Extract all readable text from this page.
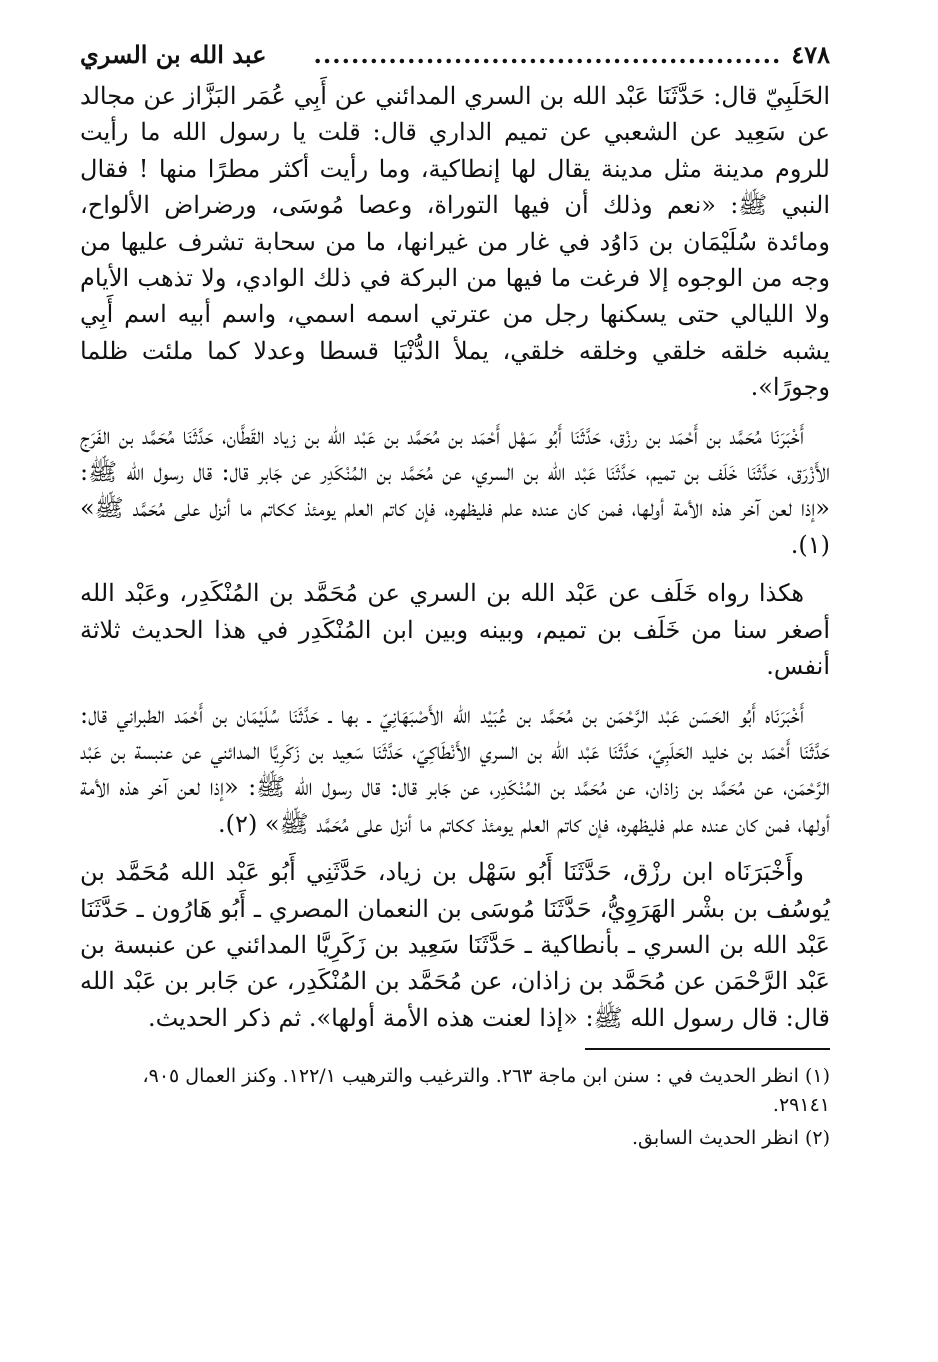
٤٧٨
..................................................
عبد الله بن السري

الحَلَبِيّ قال: حَدَّثَنَا عَبْد الله بن السري المدائني عن أَبِي عُمَر البَزَّاز عن مجالد عن سَعِيد عن الشعبي عن تميم الداري قال: قلت يا رسول الله ما رأيت للروم مدينة مثل مدينة يقال لها إنطاكية، وما رأيت أكثر مطرًا منها ! فقال النبي ﷺ: «نعم وذلك أن فيها التوراة، وعصا مُوسَى، ورضراض الألواح، ومائدة سُلَيْمَان بن دَاوُد في غار من غيرانها، ما من سحابة تشرف عليها من وجه من الوجوه إلا فرغت ما فيها من البركة في ذلك الوادي، ولا تذهب الأيام ولا الليالي حتى يسكنها رجل من عترتي اسمه اسمي، واسم أبيه اسم أَبِي يشبه خلقه خلقي وخلقه خلقي، يملأ الدُّنْيَا قسطا وعدلا كما ملئت ظلما وجورًا».

أَخْبَرَنَا مُحَمَّد بن أَحْمَد بن رزْق، حَدَّثَنَا أَبُو سَهْل أَحْمَد بن مُحَمَّد بن عَبْد الله بن زياد القَطَّان، حَدَّثَنَا مُحَمَّد بن الفَرَج الأَزْرَق، حَدَّثَنَا خَلَف بن تميم، حَدَّثَنَا عَبْد الله بن السري، عن مُحَمَّد بن المُنْكَدِر عن جَابر قال: قال رسول الله ﷺ: «إذا لعن آخر هذه الأمة أولها، فمن كان عنده علم فليظهره، فإن كاتم العلم يومئذ ككاتم ما أنزل على مُحَمَّد ﷺ» (١).

هكذا رواه خَلَف عن عَبْد الله بن السري عن مُحَمَّد بن المُنْكَدِر، وعَبْد الله أصغر سنا من خَلَف بن تميم، وبينه وبين ابن المُنْكَدِر في هذا الحديث ثلاثة أنفس.

أَخْبَرَنَاه أَبُو الحَسَن عَبْد الرَّحْمَن بن مُحَمَّد بن عُبَيْد الله الأَصْبَهَانِيّ ـ بها ـ حَدَّثَنَا سُلَيْمَان بن أَحْمَد الطبراني قال: حَدَّثَنَا أَحْمَد بن خليد الحَلَبِيّ، حَدَّثَنَا عَبْد الله بن السري الأَنْطَاكِيّ، حَدَّثَنَا سَعِيد بن زَكَرِيَّا المدائني عن عنبسة بن عَبْد الرَّحْمَن، عن مُحَمَّد بن زاذان، عن مُحَمَّد بن المُنْكَدِر، عن جَابر قال: قال رسول الله ﷺ: «إذا لعن آخر هذه الأمة أولها، فمن كان عنده علم فليظهره، فإن كاتم العلم يومئذ ككاتم ما أنزل على مُحَمَّد ﷺ» (٢).

وأَخْبَرَنَاه ابن رزْق، حَدَّثَنَا أَبُو سَهْل بن زياد، حَدَّثَنِي أَبُو عَبْد الله مُحَمَّد بن يُوسُف بن بشْر الهَرَوِيُّ، حَدَّثَنَا مُوسَى بن النعمان المصري ـ أَبُو هَارُون ـ حَدَّثَنَا عَبْد الله بن السري ـ بأنطاكية ـ حَدَّثَنَا سَعِيد بن زَكَرِيَّا المدائني عن عنبسة بن عَبْد الرَّحْمَن عن مُحَمَّد بن زاذان، عن مُحَمَّد بن المُنْكَدِر، عن جَابر بن عَبْد الله قال: قال رسول الله ﷺ: «إذا لعنت هذه الأمة أولها». ثم ذكر الحديث.

(١) انظر الحديث في : سنن ابن ماجة ٢٦٣. والترغيب والترهيب ١٢٢/١. وكنز العمال ٩٠٥، ٢٩١٤١.

(٢) انظر الحديث السابق.
